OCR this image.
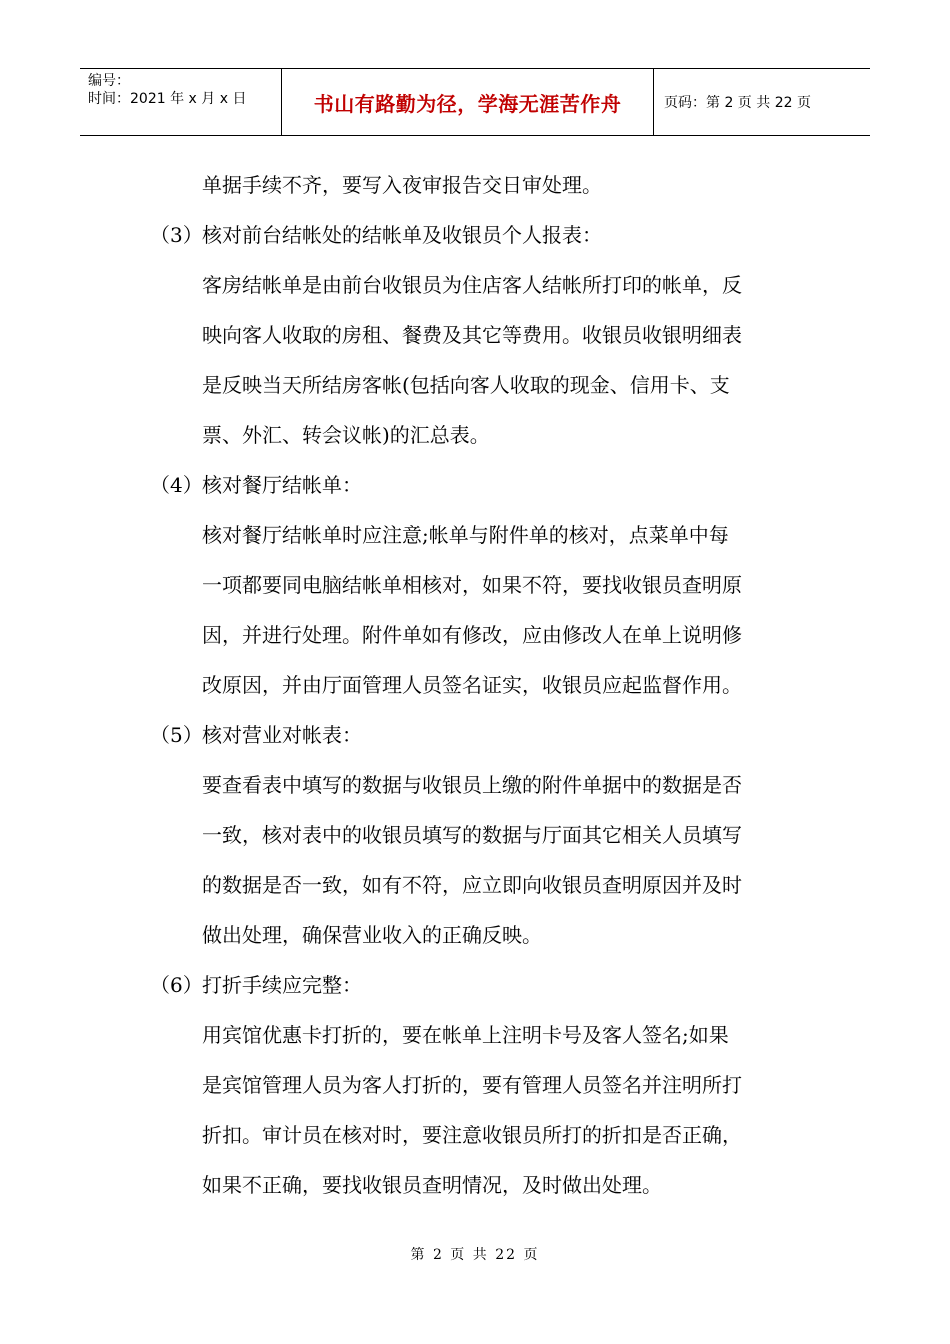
编号：
时间：2021 年 x 月 x 日	书山有路勤为径，学海无涯苦作舟	页码：第 2 页 共 22 页

单据手续不齐，要写入夜审报告交日审处理。

（3）核对前台结帐处的结帐单及收银员个人报表：

客房结帐单是由前台收银员为住店客人结帐所打印的帐单，反

映向客人收取的房租、餐费及其它等费用。收银员收银明细表

是反映当天所结房客帐(包括向客人收取的现金、信用卡、支

票、外汇、转会议帐)的汇总表。

（4）核对餐厅结帐单：

核对餐厅结帐单时应注意;帐单与附件单的核对，点菜单中每

一项都要同电脑结帐单相核对，如果不符，要找收银员查明原

因，并进行处理。附件单如有修改，应由修改人在单上说明修

改原因，并由厅面管理人员签名证实，收银员应起监督作用。

（5）核对营业对帐表：

要查看表中填写的数据与收银员上缴的附件单据中的数据是否

一致，核对表中的收银员填写的数据与厅面其它相关人员填写

的数据是否一致，如有不符，应立即向收银员查明原因并及时

做出处理，确保营业收入的正确反映。

（6）打折手续应完整：

用宾馆优惠卡打折的，要在帐单上注明卡号及客人签名;如果

是宾馆管理人员为客人打折的，要有管理人员签名并注明所打

折扣。审计员在核对时，要注意收银员所打的折扣是否正确，

如果不正确，要找收银员查明情况，及时做出处理。

第 2 页 共 22 页
